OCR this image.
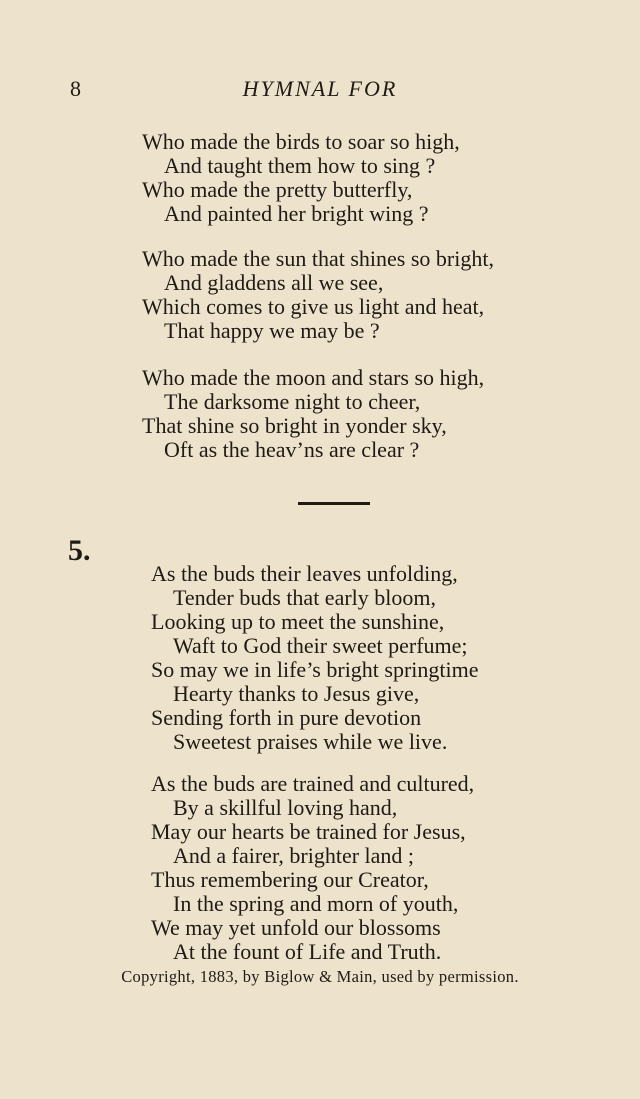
8	HYMNAL FOR
Who made the birds to soar so high,
And taught them how to sing ?
Who made the pretty butterfly,
And painted her bright wing ?
Who made the sun that shines so bright,
And gladdens all we see,
Which comes to give us light and heat,
That happy we may be ?
Who made the moon and stars so high,
The darksome night to cheer,
That shine so bright in yonder sky,
Oft as the heav’ns are clear ?
5.
As the buds their leaves unfolding,
Tender buds that early bloom,
Looking up to meet the sunshine,
Waft to God their sweet perfume;
So may we in life’s bright springtime
Hearty thanks to Jesus give,
Sending forth in pure devotion
Sweetest praises while we live.
As the buds are trained and cultured,
By a skillful loving hand,
May our hearts be trained for Jesus,
And a fairer, brighter land ;
Thus remembering our Creator,
In the spring and morn of youth,
We may yet unfold our blossoms
At the fount of Life and Truth.
Copyright, 1883, by Biglow & Main, used by permission.
